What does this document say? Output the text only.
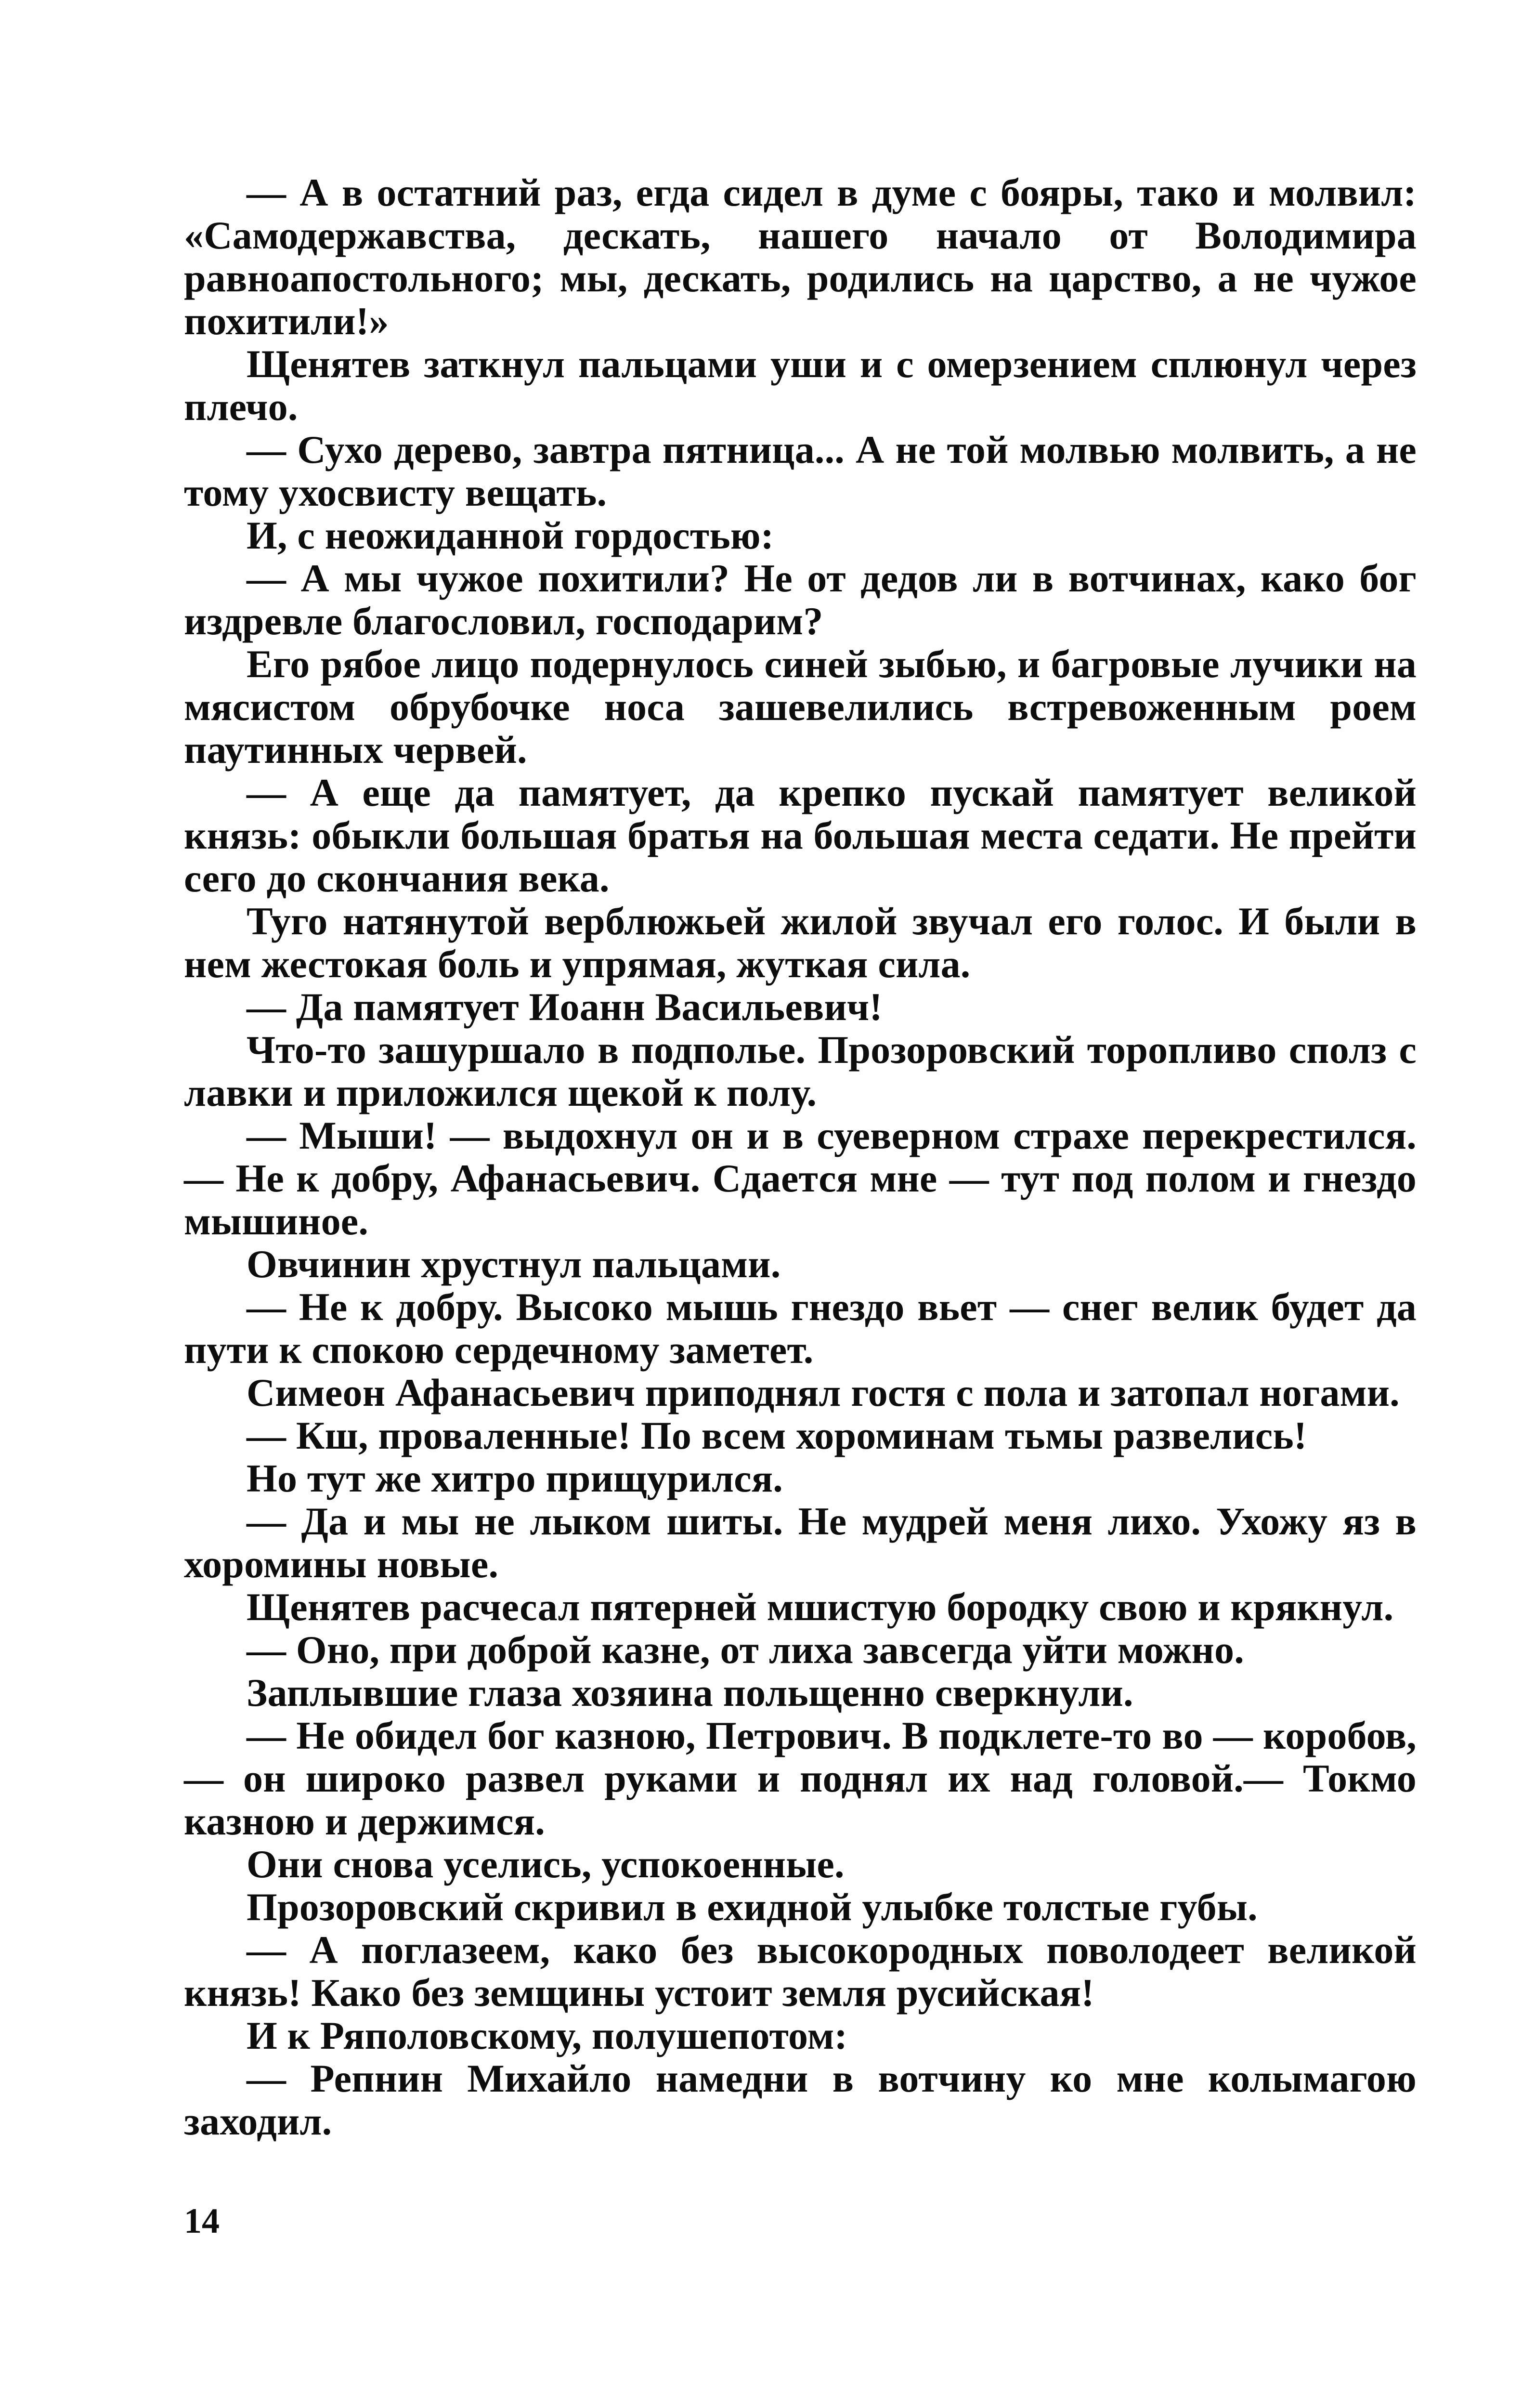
— А в остатний раз, егда сидел в думе с бояры, тако и молвил: «Самодержавства, дескать, нашего начало от Володимира равноапостольного; мы, дескать, родились на царство, а не чужое похитили!»

Щенятев заткнул пальцами уши и с омерзением сплюнул через плечо.

— Сухо дерево, завтра пятница... А не той молвью молвить, а не тому ухосвисту вещать.

И, с неожиданной гордостью:

— А мы чужое похитили? Не от дедов ли в вотчинах, како бог издревле благословил, господарим?

Его рябое лицо подернулось синей зыбью, и багровые лучики на мясистом обрубочке носа зашевелились встревоженным роем паутинных червей.

— А еще да памятует, да крепко пускай памятует великой князь: обыкли большая братья на большая места седати. Не прейти сего до скончания века.

Туго натянутой верблюжьей жилой звучал его голос. И были в нем жестокая боль и упрямая, жуткая сила.

— Да памятует Иоанн Васильевич!

Что-то зашуршало в подполье. Прозоровский торопливо сполз с лавки и приложился щекой к полу.

— Мыши! — выдохнул он и в суеверном страхе перекрестился.— Не к добру, Афанасьевич. Сдается мне — тут под полом и гнездо мышиное.

Овчинин хрустнул пальцами.

— Не к добру. Высоко мышь гнездо вьет — снег велик будет да пути к спокою сердечному заметет.

Симеон Афанасьевич приподнял гостя с пола и затопал ногами.

— Кш, проваленные! По всем хороминам тьмы развелись!

Но тут же хитро прищурился.

— Да и мы не лыком шиты. Не мудрей меня лихо. Ухожу яз в хоромины новые.

Щенятев расчесал пятерней мшистую бородку свою и крякнул.

— Оно, при доброй казне, от лиха завсегда уйти можно.

Заплывшие глаза хозяина польщенно сверкнули.

— Не обидел бог казною, Петрович. В подклете-то во — коробов,— он широко развел руками и поднял их над головой.— Токмо казною и держимся.

Они снова уселись, успокоенные.

Прозоровский скривил в ехидной улыбке толстые губы.

— А поглазеем, како без высокородных поволодеет великой князь! Како без земщины устоит земля русийская!

И к Ряполовскому, полушепотом:

— Репнин Михайло намедни в вотчину ко мне колымагою заходил.

14
